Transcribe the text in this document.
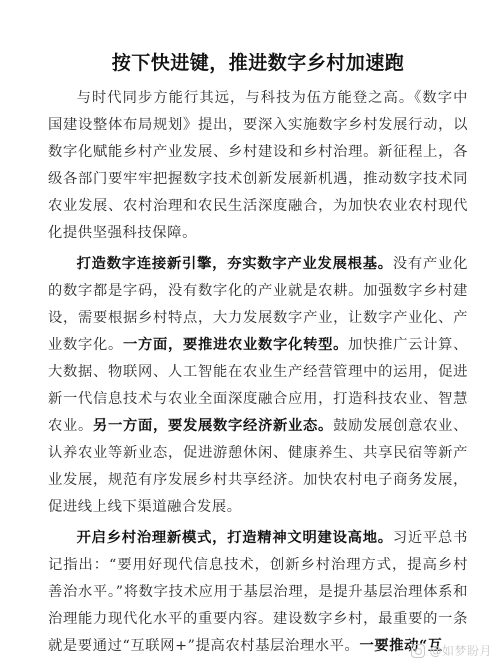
按下快进键，推进数字乡村加速跑

与时代同步方能行其远，与科技为伍方能登之高。《数字中国建设整体布局规划》提出，要深入实施数字乡村发展行动，以数字化赋能乡村产业发展、乡村建设和乡村治理。新征程上，各级各部门要牢牢把握数字技术创新发展新机遇，推动数字技术同农业发展、农村治理和农民生活深度融合，为加快农业农村现代化提供坚强科技保障。

打造数字连接新引擎，夯实数字产业发展根基。没有产业化的数字都是字码，没有数字化的产业就是农耕。加强数字乡村建设，需要根据乡村特点，大力发展数字产业，让数字产业化、产业数字化。一方面，要推进农业数字化转型。加快推广云计算、大数据、物联网、人工智能在农业生产经营管理中的运用，促进新一代信息技术与农业全面深度融合应用，打造科技农业、智慧农业。另一方面，要发展数字经济新业态。鼓励发展创意农业、认养农业等新业态，促进游憩休闲、健康养生、共享民宿等新产业发展，规范有序发展乡村共享经济。加快农村电子商务发展，促进线上线下渠道融合发展。

开启乡村治理新模式，打造精神文明建设高地。习近平总书记指出：“要用好现代信息技术，创新乡村治理方式，提高乡村善治水平。”将数字技术应用于基层治理，是提升基层治理体系和治理能力现代化水平的重要内容。建设数字乡村，最重要的一条就是要通过“互联网+”提高农村基层治理水平。一要推动“互

@如梦盼月
